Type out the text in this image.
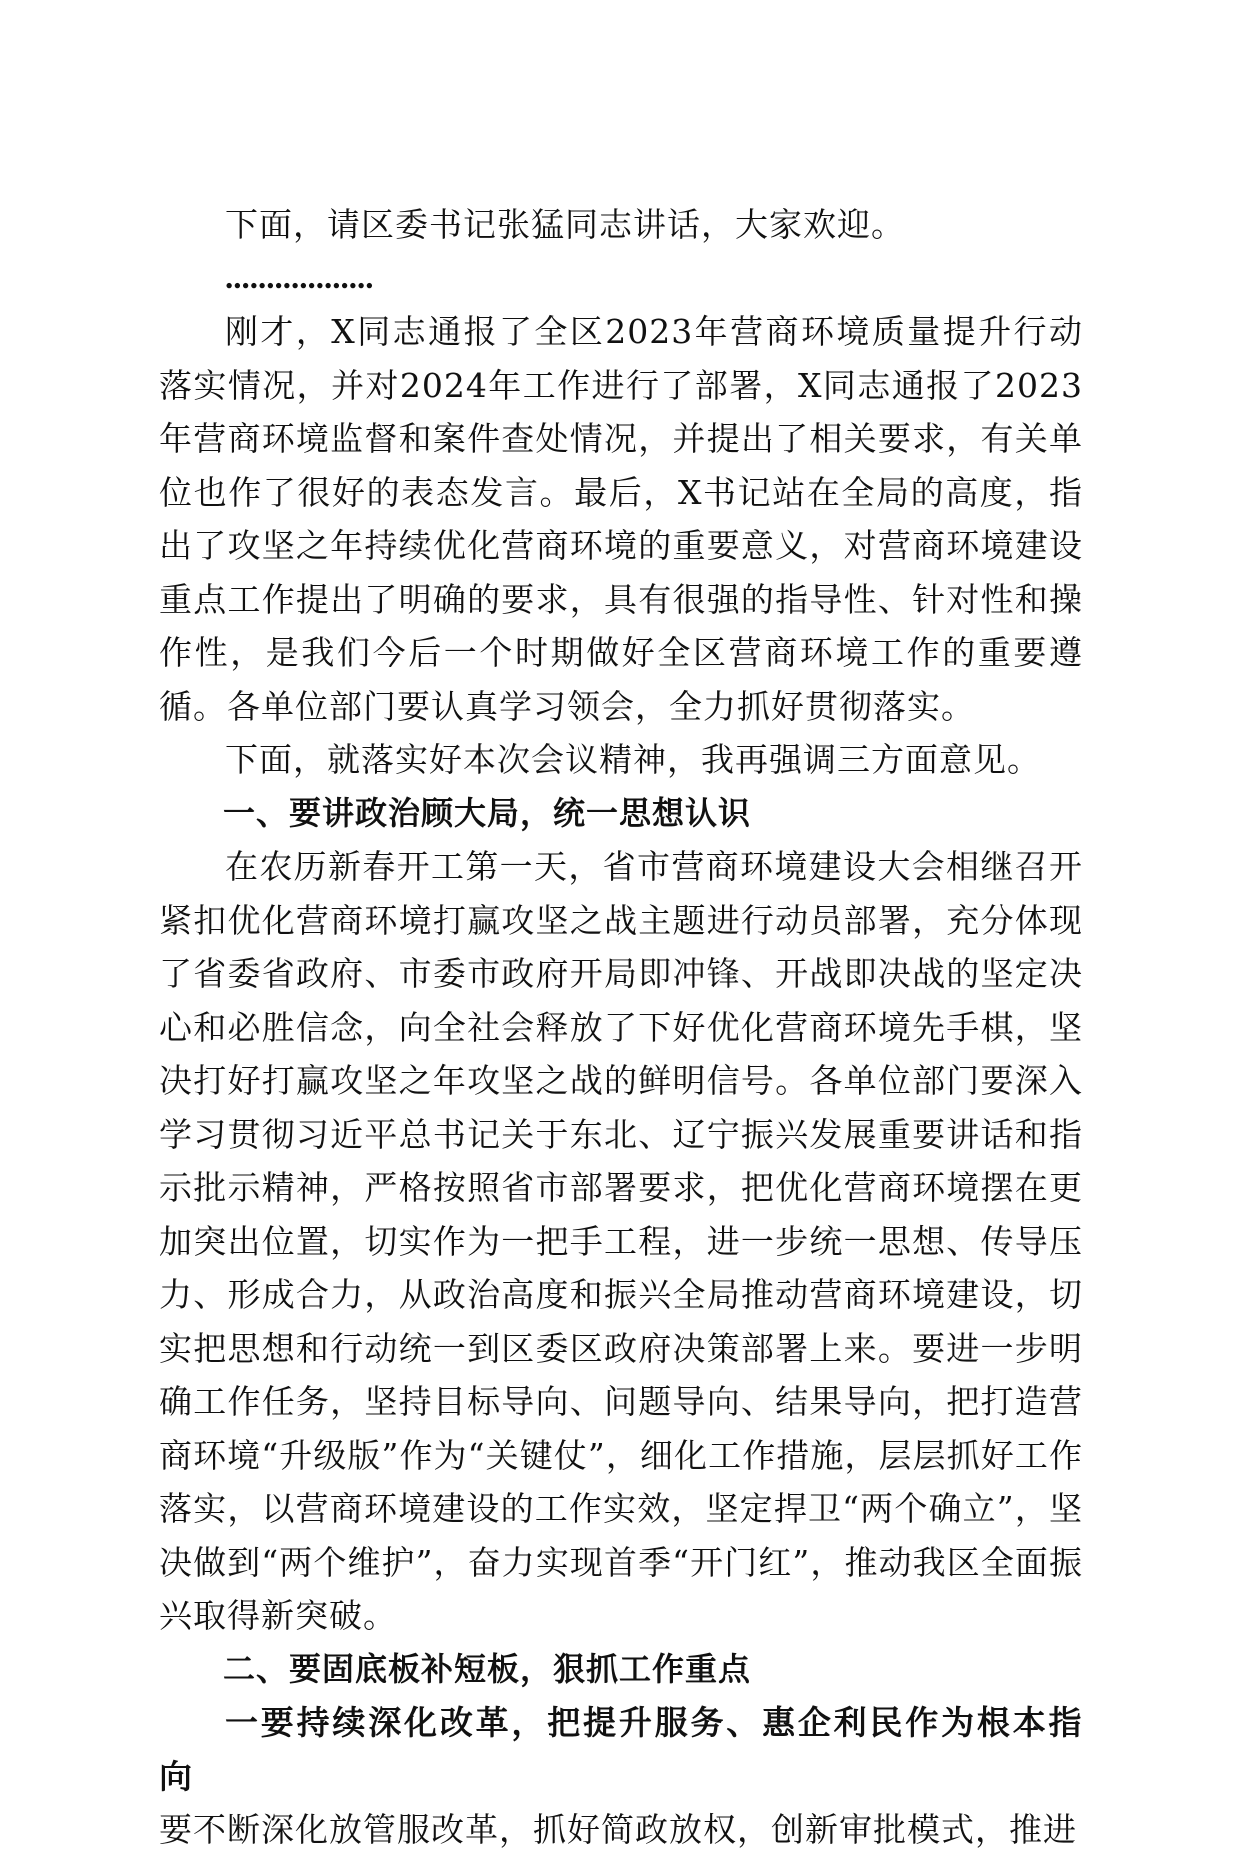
下面，请区委书记张猛同志讲话，大家欢迎。

..................

刚才，X同志通报了全区2023年营商环境质量提升行动落实情况，并对2024年工作进行了部署，X同志通报了2023年营商环境监督和案件查处情况，并提出了相关要求，有关单位也作了很好的表态发言。最后，X书记站在全局的高度，指出了攻坚之年持续优化营商环境的重要意义，对营商环境建设重点工作提出了明确的要求，具有很强的指导性、针对性和操作性，是我们今后一个时期做好全区营商环境工作的重要遵循。各单位部门要认真学习领会，全力抓好贯彻落实。

下面，就落实好本次会议精神，我再强调三方面意见。

一、要讲政治顾大局，统一思想认识

在农历新春开工第一天，省市营商环境建设大会相继召开紧扣优化营商环境打赢攻坚之战主题进行动员部署，充分体现了省委省政府、市委市政府开局即冲锋、开战即决战的坚定决心和必胜信念，向全社会释放了下好优化营商环境先手棋，坚决打好打赢攻坚之年攻坚之战的鲜明信号。各单位部门要深入学习贯彻习近平总书记关于东北、辽宁振兴发展重要讲话和指示批示精神，严格按照省市部署要求，把优化营商环境摆在更加突出位置，切实作为一把手工程，进一步统一思想、传导压力、形成合力，从政治高度和振兴全局推动营商环境建设，切实把思想和行动统一到区委区政府决策部署上来。要进一步明确工作任务，坚持目标导向、问题导向、结果导向，把打造营商环境“升级版”作为“关键仗”，细化工作措施，层层抓好工作落实，以营商环境建设的工作实效，坚定捍卫“两个确立”，坚决做到“两个维护”，奋力实现首季“开门红”，推动我区全面振兴取得新突破。

二、要固底板补短板，狠抓工作重点

一要持续深化改革，把提升服务、惠企利民作为根本指向

要不断深化放管服改革，抓好简政放权，创新审批模式，推进
